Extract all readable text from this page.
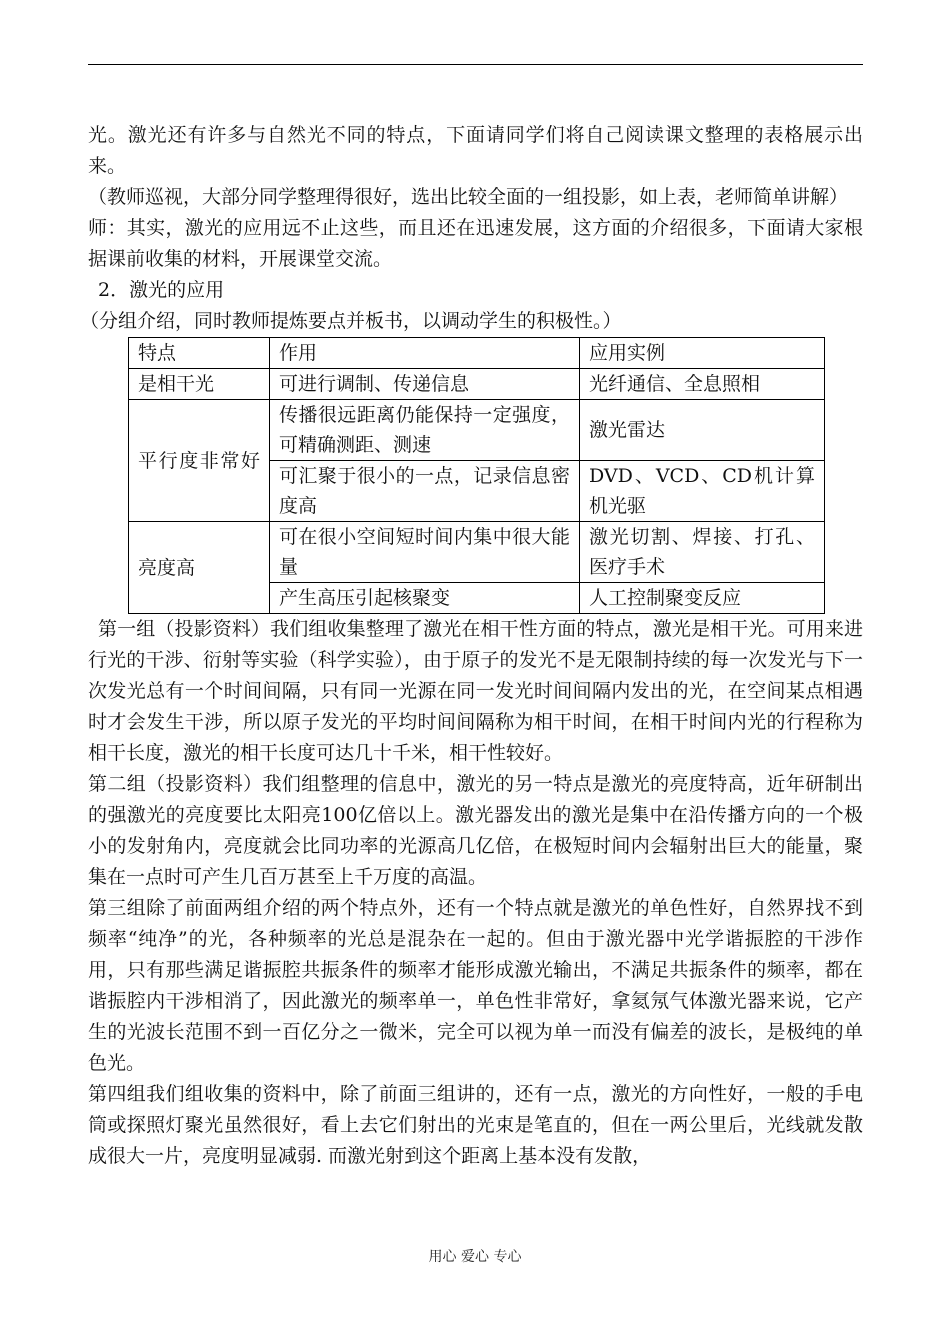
光。激光还有许多与自然光不同的特点，下面请同学们将自己阅读课文整理的表格展示出来。

（教师巡视，大部分同学整理得很好，选出比较全面的一组投影，如上表，老师简单讲解）

师：其实，激光的应用远不止这些，而且还在迅速发展，这方面的介绍很多，下面请大家根据课前收集的材料，开展课堂交流。

2．激光的应用

（分组介绍，同时教师提炼要点并板书，以调动学生的积极性。）

特点	作用	应用实例
是相干光	可进行调制、传递信息	光纤通信、全息照相
平行度非常好	传播很远距离仍能保持一定强度，可精确测距、测速	激光雷达
	可汇聚于很小的一点，记录信息密度高	DVD、VCD、CD机计算机光驱
亮度高	可在很小空间短时间内集中很大能量	激光切割、焊接、打孔、医疗手术
	产生高压引起核聚变	人工控制聚变反应

第一组（投影资料）我们组收集整理了激光在相干性方面的特点，激光是相干光。可用来进行光的干涉、衍射等实验（科学实验），由于原子的发光不是无限制持续的每一次发光与下一次发光总有一个时间间隔，只有同一光源在同一发光时间间隔内发出的光，在空间某点相遇时才会发生干涉，所以原子发光的平均时间间隔称为相干时间，在相干时间内光的行程称为相干长度，激光的相干长度可达几十千米，相干性较好。

第二组（投影资料）我们组整理的信息中，激光的另一特点是激光的亮度特高，近年研制出的强激光的亮度要比太阳亮100亿倍以上。激光器发出的激光是集中在沿传播方向的一个极小的发射角内，亮度就会比同功率的光源高几亿倍，在极短时间内会辐射出巨大的能量，聚集在一点时可产生几百万甚至上千万度的高温。

第三组除了前面两组介绍的两个特点外，还有一个特点就是激光的单色性好，自然界找不到频率“纯净”的光，各种频率的光总是混杂在一起的。但由于激光器中光学谐振腔的干涉作用，只有那些满足谐振腔共振条件的频率才能形成激光输出，不满足共振条件的频率，都在谐振腔内干涉相消了，因此激光的频率单一，单色性非常好，拿氦氖气体激光器来说，它产生的光波长范围不到一百亿分之一微米，完全可以视为单一而没有偏差的波长，是极纯的单色光。

第四组我们组收集的资料中，除了前面三组讲的，还有一点，激光的方向性好，一般的手电筒或探照灯聚光虽然很好，看上去它们射出的光束是笔直的，但在一两公里后，光线就发散成很大一片，亮度明显减弱. 而激光射到这个距离上基本没有发散，

用心 爱心 专心
